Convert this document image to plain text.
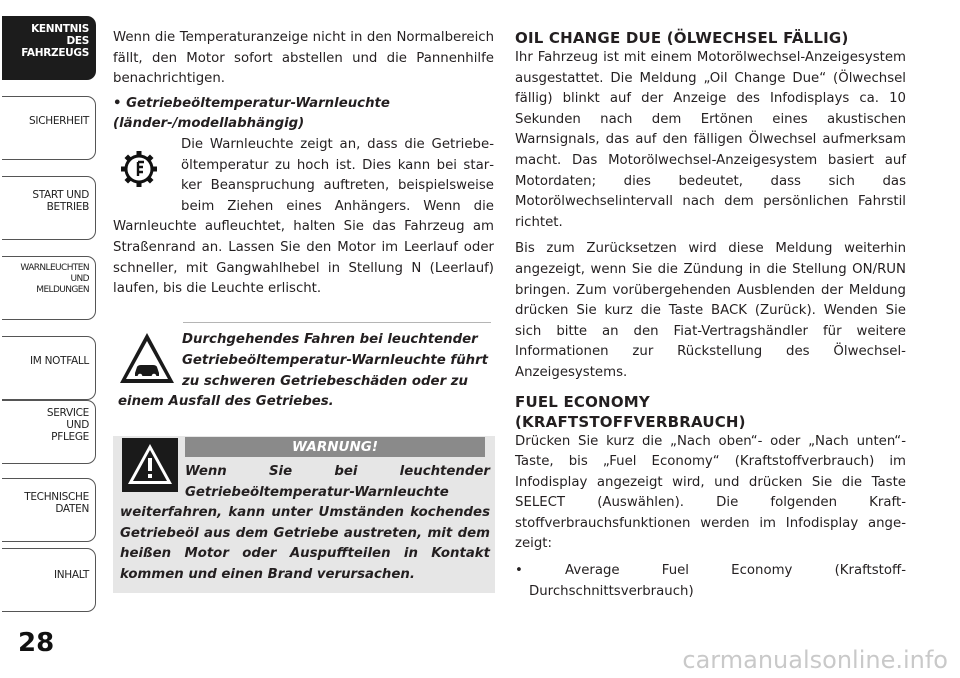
KENNTNIS
DES
FAHRZEUGS
SICHERHEIT
START UND
BETRIEB
WARNLEUCHTEN
UND
MELDUNGEN
IM NOTFALL
SERVICE
UND
PFLEGE
TECHNISCHE
DATEN
INHALT
28

Wenn die Temperaturanzeige nicht in den Normalbereich fällt, den Motor sofort abstellen und die Pannenhilfe benachrichtigen.

• Getriebeöltemperatur-Warnleuchte (länder-/modellabhängig)

Die Warnleuchte zeigt an, dass die Getriebeöltemperatur zu hoch ist. Dies kann bei starker Beanspruchung auftreten, beispielsweise beim Ziehen eines Anhängers. Wenn die Warnleuchte aufleuchtet, halten Sie das Fahrzeug am Straßenrand an. Lassen Sie den Motor im Leerlauf oder schneller, mit Gangwahlhebel in Stellung N (Leerlauf) laufen, bis die Leuchte erlischt.

Durchgehendes Fahren bei leuchtender Getriebeöltemperatur-Warnleuchte führt zu schweren Getriebeschäden oder zu einem Ausfall des Getriebes.
WARNUNG!

Wenn Sie bei leuchtender Getriebeöltemperatur-Warnleuchte weiterfahren, kann unter Umständen kochendes Getriebeöl aus dem Getriebe austreten, mit dem heißen Motor oder Auspuffteilen in Kontakt kommen und einen Brand verursachen.

OIL CHANGE DUE (ÖLWECHSEL FÄLLIG)

Ihr Fahrzeug ist mit einem Motorölwechsel-Anzeigesystem ausgestattet. Die Meldung „Oil Change Due“ (Ölwechsel fällig) blinkt auf der Anzeige des Infodisplays ca. 10 Sekunden nach dem Ertönen eines akustischen Warnsignals, das auf den fälligen Ölwechsel aufmerksam macht. Das Motorölwechsel-Anzeigesystem basiert auf Motordaten; dies bedeutet, dass sich das Motorölwechselintervall nach dem persönlichen Fahrstil richtet.

Bis zum Zurücksetzen wird diese Meldung weiterhin angezeigt, wenn Sie die Zündung in die Stellung ON/RUN bringen. Zum vorübergehenden Ausblenden der Meldung drücken Sie kurz die Taste BACK (Zurück). Wenden Sie sich bitte an den Fiat-Vertragshändler für weitere Informationen zur Rückstellung des Ölwechsel-Anzeigesystems.

FUEL ECONOMY

(KRAFTSTOFFVERBRAUCH)

Drücken Sie kurz die „Nach oben“- oder „Nach unten“-Taste, bis „Fuel Economy“ (Kraftstoffverbrauch) im Infodisplay angezeigt wird, und drücken Sie die Taste SELECT (Auswählen). Die folgenden Kraftstoffverbrauchsfunktionen werden im Infodisplay angezeigt:

• Average Fuel Economy (Kraftstoff-Durchschnittsverbrauch)

carmanualsonline.info
